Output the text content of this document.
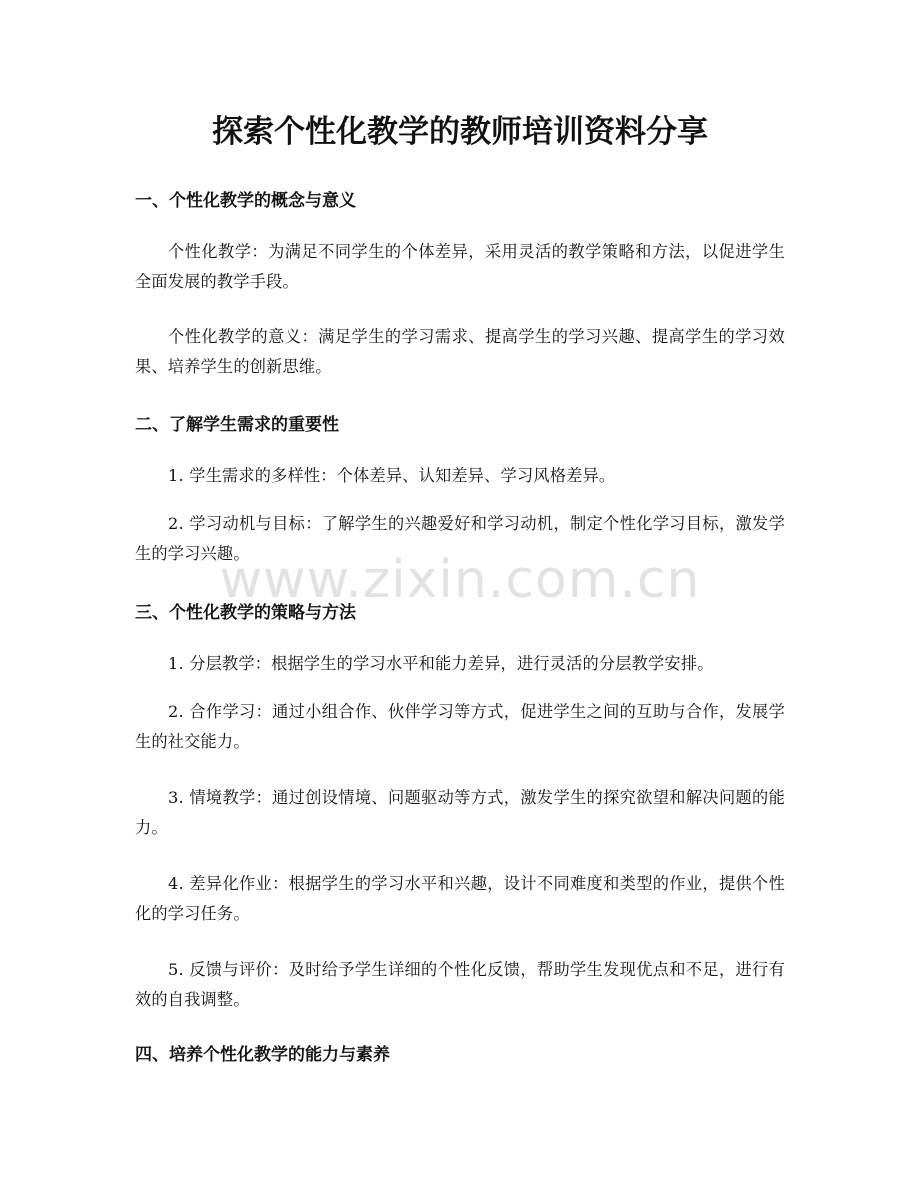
探索个性化教学的教师培训资料分享
一、个性化教学的概念与意义

个性化教学：为满足不同学生的个体差异，采用灵活的教学策略和方法，以促进学生全面发展的教学手段。

个性化教学的意义：满足学生的学习需求、提高学生的学习兴趣、提高学生的学习效果、培养学生的创新思维。

二、了解学生需求的重要性

1. 学生需求的多样性：个体差异、认知差异、学习风格差异。

2. 学习动机与目标：了解学生的兴趣爱好和学习动机，制定个性化学习目标，激发学生的学习兴趣。

三、个性化教学的策略与方法

1. 分层教学：根据学生的学习水平和能力差异，进行灵活的分层教学安排。

2. 合作学习：通过小组合作、伙伴学习等方式，促进学生之间的互助与合作，发展学生的社交能力。

3. 情境教学：通过创设情境、问题驱动等方式，激发学生的探究欲望和解决问题的能力。

4. 差异化作业：根据学生的学习水平和兴趣，设计不同难度和类型的作业，提供个性化的学习任务。

5. 反馈与评价：及时给予学生详细的个性化反馈，帮助学生发现优点和不足，进行有效的自我调整。

四、培养个性化教学的能力与素养
www.zixin.com.cn
